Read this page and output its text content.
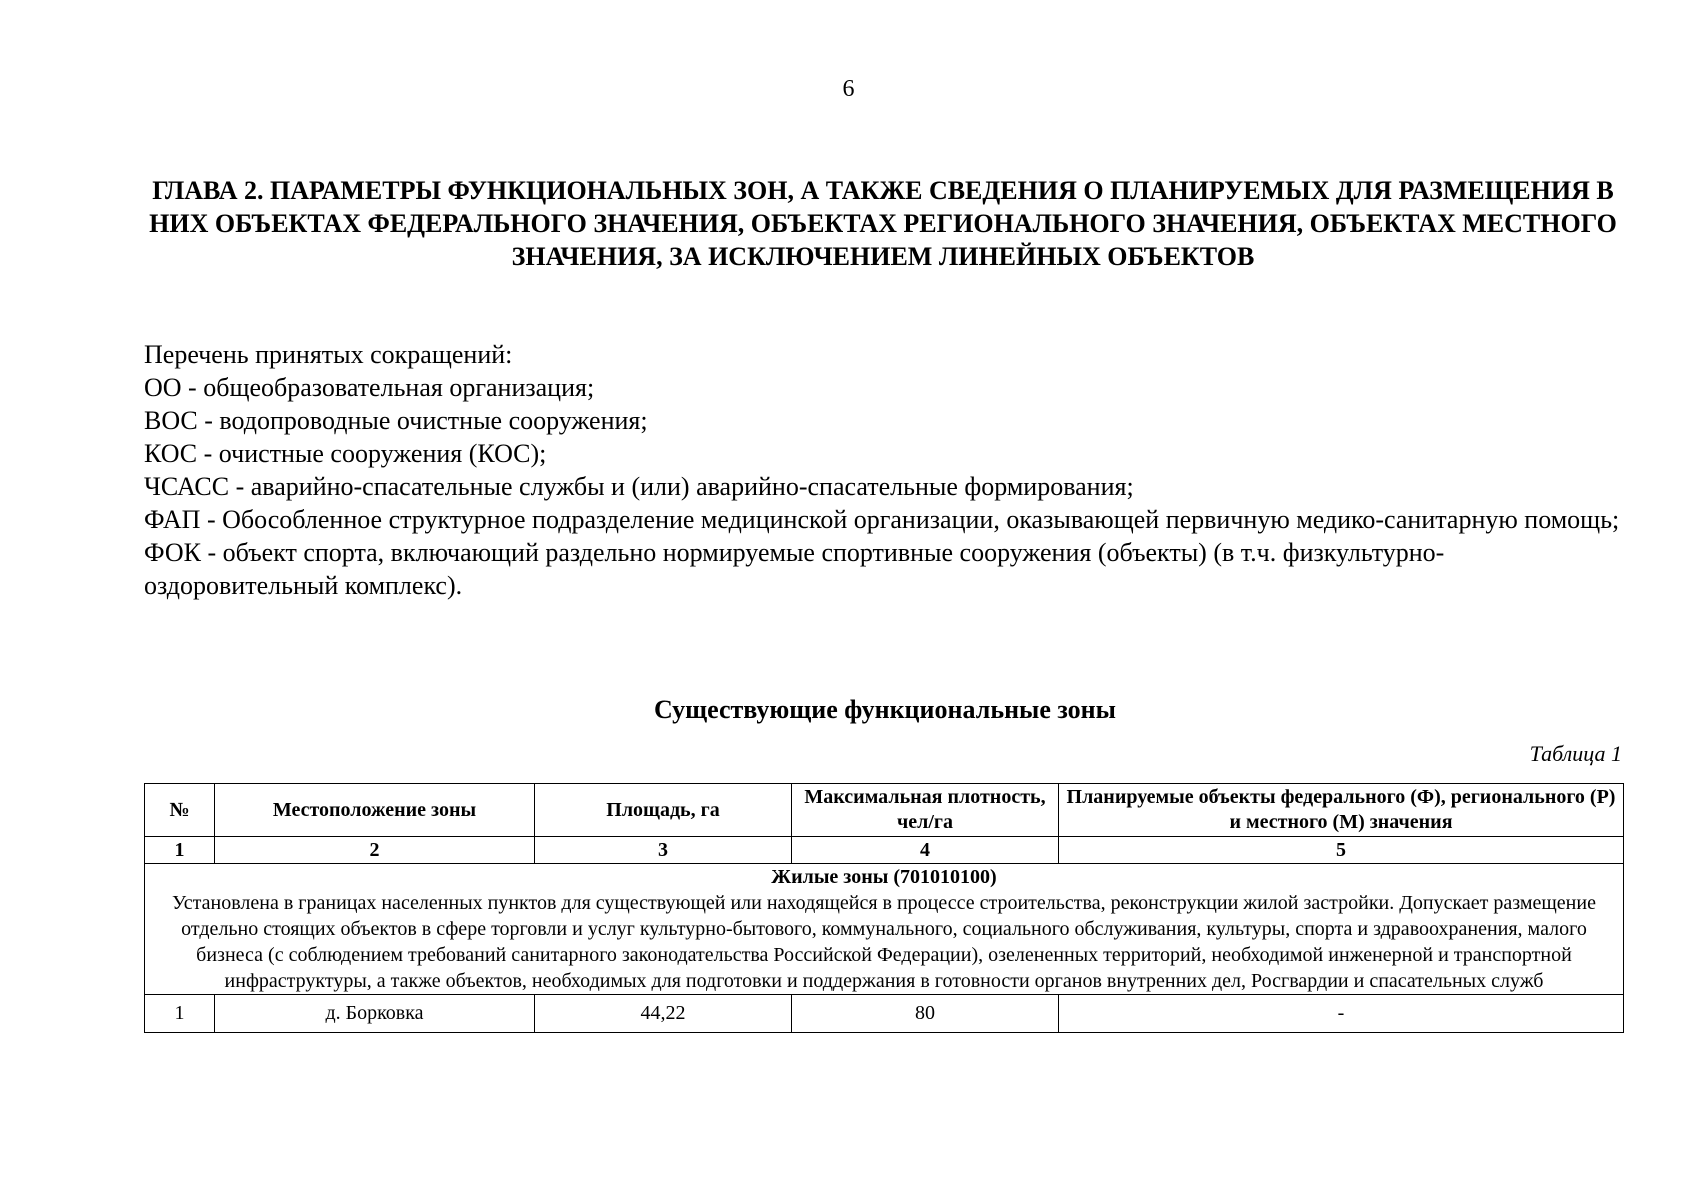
6
ГЛАВА 2. ПАРАМЕТРЫ ФУНКЦИОНАЛЬНЫХ ЗОН, А ТАКЖЕ СВЕДЕНИЯ О ПЛАНИРУЕМЫХ ДЛЯ РАЗМЕЩЕНИЯ В НИХ ОБЪЕКТАХ ФЕДЕРАЛЬНОГО ЗНАЧЕНИЯ, ОБЪЕКТАХ РЕГИОНАЛЬНОГО ЗНАЧЕНИЯ, ОБЪЕКТАХ МЕСТНОГО ЗНАЧЕНИЯ, ЗА ИСКЛЮЧЕНИЕМ ЛИНЕЙНЫХ ОБЪЕКТОВ
Перечень принятых сокращений:
ОО - общеобразовательная организация;
ВОС - водопроводные очистные сооружения;
КОС - очистные сооружения (КОС);
ЧСАСС - аварийно-спасательные службы и (или) аварийно-спасательные формирования;
ФАП - Обособленное структурное подразделение медицинской организации, оказывающей первичную медико-санитарную помощь;
ФОК - объект спорта, включающий раздельно нормируемые спортивные сооружения (объекты) (в т.ч. физкультурно-оздоровительный комплекс).
Существующие функциональные зоны
Таблица 1
№	Местоположение зоны	Площадь, га	Максимальная плотность, чел/га	Планируемые объекты федерального (Ф), регионального (Р) и местного (М) значения
1	2	3	4	5

Жилые зоны (701010100)
Установлена в границах населенных пунктов для существующей или находящейся в процессе строительства, реконструкции жилой застройки. Допускает размещение отдельно стоящих объектов в сфере торговли и услуг культурно-бытового, коммунального, социального обслуживания, культуры, спорта и здравоохранения, малого бизнеса (с соблюдением требований санитарного законодательства Российской Федерации), озелененных территорий, необходимой инженерной и транспортной инфраструктуры, а также объектов, необходимых для подготовки и поддержания в готовности органов внутренних дел, Росгвардии и спасательных служб				

1	д. Борковка	44,22	80	-
